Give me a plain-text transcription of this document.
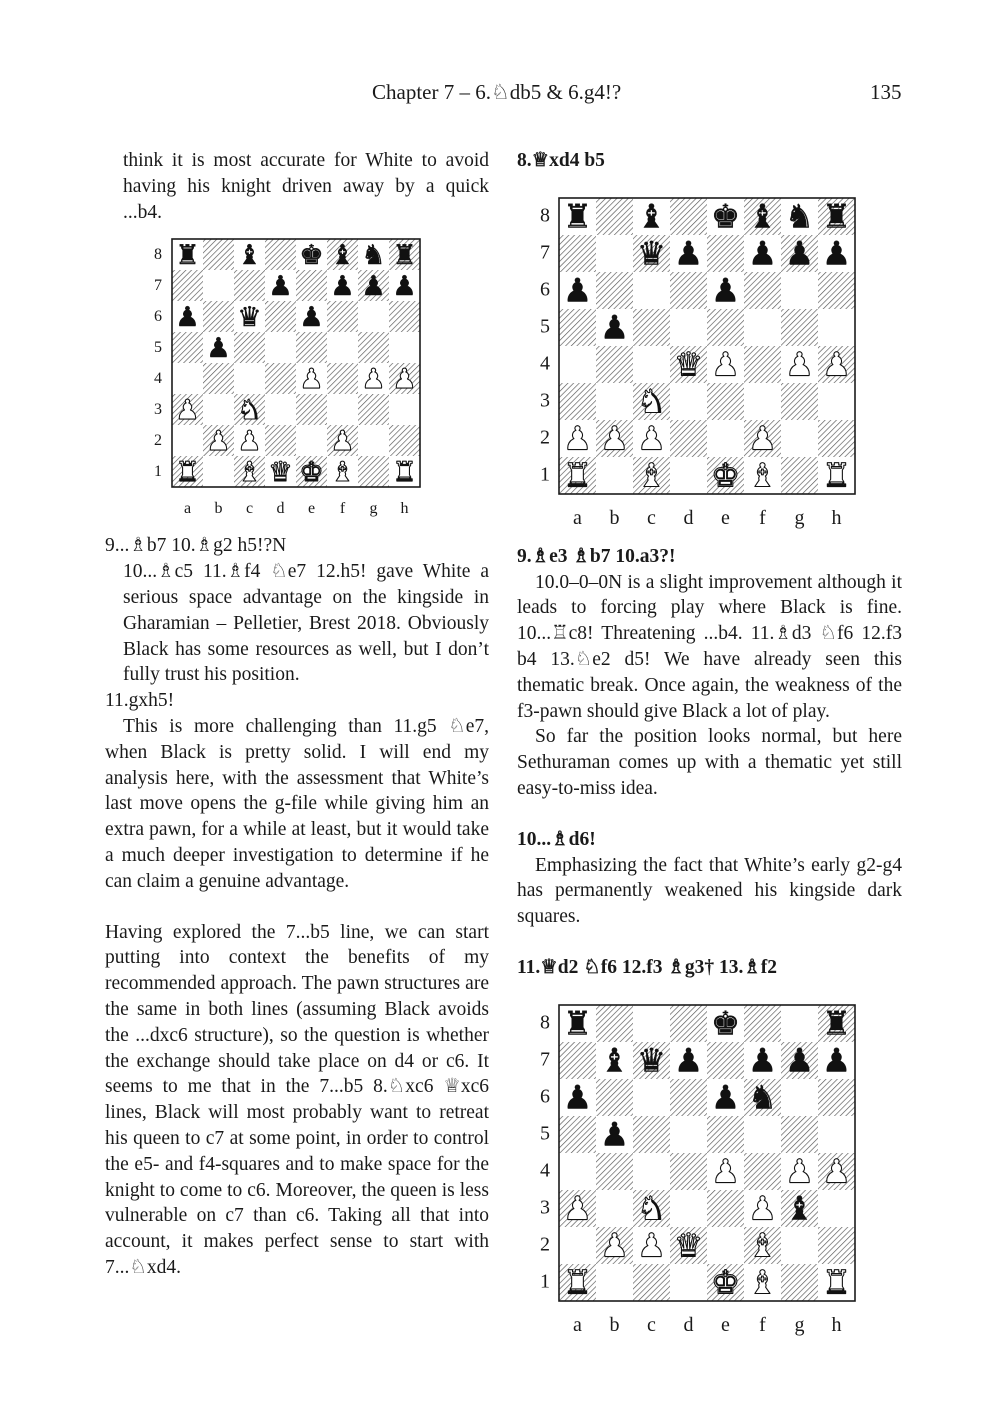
Chapter 7 – 6.♘db5 & 6.g4!?	135

think it is most accurate for White to avoid having his knight driven away by a quick ...b4.

♜ ♝ ♚ ♝ ♞ ♜
♟ ♟ ♟ ♟
♟ ♛ ♟
♟
♟ ♟ ♟
♟ ♞
♟ ♟	♟
♜ ♝ ♛ ♚ ♝ ♜
8
7
6
5
4
3
2
1
a b c d e f g h

9...♗b7 10.♗g2 h5!?N

10...♗c5 11.♗f4 ♘e7 12.h5! gave White a serious space advantage on the kingside in Gharamian – Pelletier, Brest 2018. Obviously Black has some resources as well, but I don’t fully trust his position.

11.gxh5!

This is more challenging than 11.g5 ♘e7, when Black is pretty solid. I will end my analysis here, with the assessment that White’s last move opens the g-file while giving him an extra pawn, for a while at least, but it would take a much deeper investigation to determine if he can claim a genuine advantage.

Having explored the 7...b5 line, we can start putting into context the benefits of my recommended approach. The pawn structures are the same in both lines (assuming Black avoids the ...dxc6 structure), so the question is whether the exchange should take place on d4 or c6. It seems to me that in the 7...b5 8.♘xc6 ♕xc6 lines, Black will most probably want to retreat his queen to c7 at some point, in order to control the e5- and f4-squares and to make space for the knight to come to c6. Moreover, the queen is less vulnerable on c7 than c6. Taking all that into account, it makes perfect sense to start with 7...♘xd4.

8.♕xd4 b5

♜ ♝ ♚ ♝ ♞ ♜
♛ ♟ ♟ ♟ ♟
♟	♟
♟
♛ ♟ ♟ ♟
♞
♟ ♟ ♟	♟
♜ ♝ ♚ ♝ ♜
8
7
6
5
4
3
2
1
a b c d e f g h

9.♗e3 ♗b7 10.a3?!

10.0–0–0N is a slight improvement although it leads to forcing play where Black is fine. 10...♖c8! Threatening ...b4. 11.♗d3 ♘f6 12.f3 b4 13.♘e2 d5! We have already seen this thematic break. Once again, the weakness of the f3-pawn should give Black a lot of play.

So far the position looks normal, but here Sethuraman comes up with a thematic yet still easy-to-miss idea.

10...♗d6!

Emphasizing the fact that White’s early g2-g4 has permanently weakened his kingside dark squares.

11.♕d2 ♘f6 12.f3 ♗g3† 13.♗f2

♜	♚	♜
♝ ♛ ♟ ♟ ♟ ♟
♟	♟ ♞
♟
♟ ♟ ♟
♟ ♞	♟ ♝
♟ ♟ ♛ ♝
♜	♚ ♝ ♜
8
7
6
5
4
3
2
1
a b c d e f g h
